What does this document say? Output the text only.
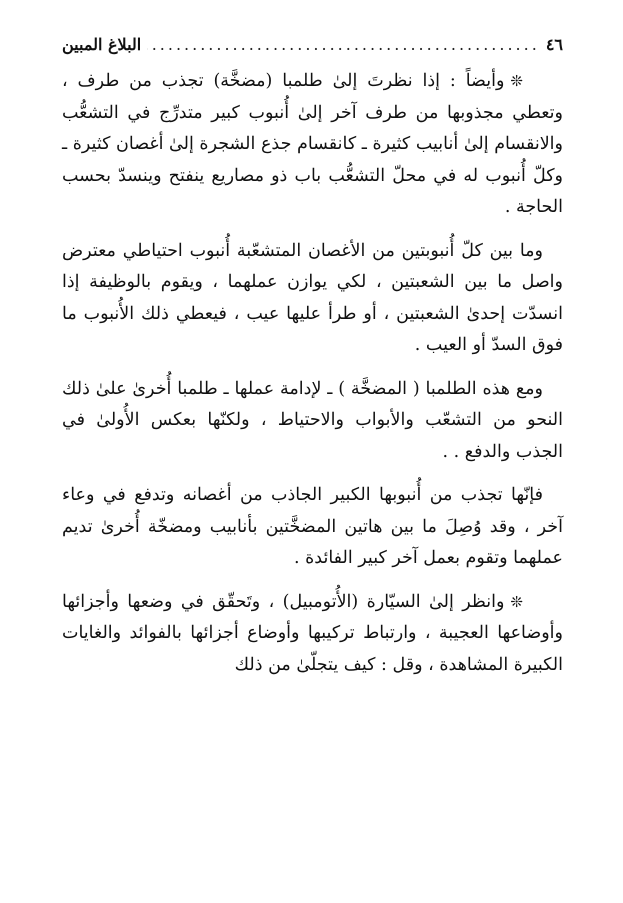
٤٦
.....
البلاغ المبين

❊وأيضاً : إذا نظرتَ إلىٰ طلمبا (مضخَّة) تجذب من طرف ، وتعطي مجذوبها من طرف آخر إلىٰ أُنبوب كبير متدرِّج في التشعُّب والانقسام إلىٰ أنابيب كثيرة ـ كانقسام جذع الشجرة إلىٰ أغصان كثيرة ـ وكلّ أُنبوب له في محلّ التشعُّب باب ذو مصاريع ينفتح وينسدّ بحسب الحاجة .

وما بين كلّ أُنبوبتين من الأغصان المتشعّبة أُنبوب احتياطي معترض واصل ما بين الشعبتين ، لكي يوازن عملهما ، ويقوم بالوظيفة إذا انسدّت إحدىٰ الشعبتين ، أو طرأ عليها عيب ، فيعطي ذلك الأُنبوب ما فوق السدّ أو العيب .

ومع هذه الطلمبا ( المضخَّة ) ـ لإدامة عملها ـ طلمبا أُخرىٰ علىٰ ذلك النحو من التشعّب والأبواب والاحتياط ، ولكنّها بعكس الأُولىٰ في الجذب والدفع . .

فإنّها تجذب من أُنبوبها الكبير الجاذب من أغصانه وتدفع في وعاء آخر ، وقد وُصِلَ ما بين هاتين المضخَّتين بأنابيب ومضخّة أُخرىٰ تديم عملهما وتقوم بعمل آخر كبير الفائدة .

❊وانظر إلىٰ السيّارة (الأُتومبيل) ، وتَحقّق في وضعها وأجزائها وأوضاعها العجيبة ، وارتباط تركيبها وأوضاع أجزائها بالفوائد والغايات الكبيرة المشاهدة ، وقل : كيف يتجلّىٰ من ذلك
